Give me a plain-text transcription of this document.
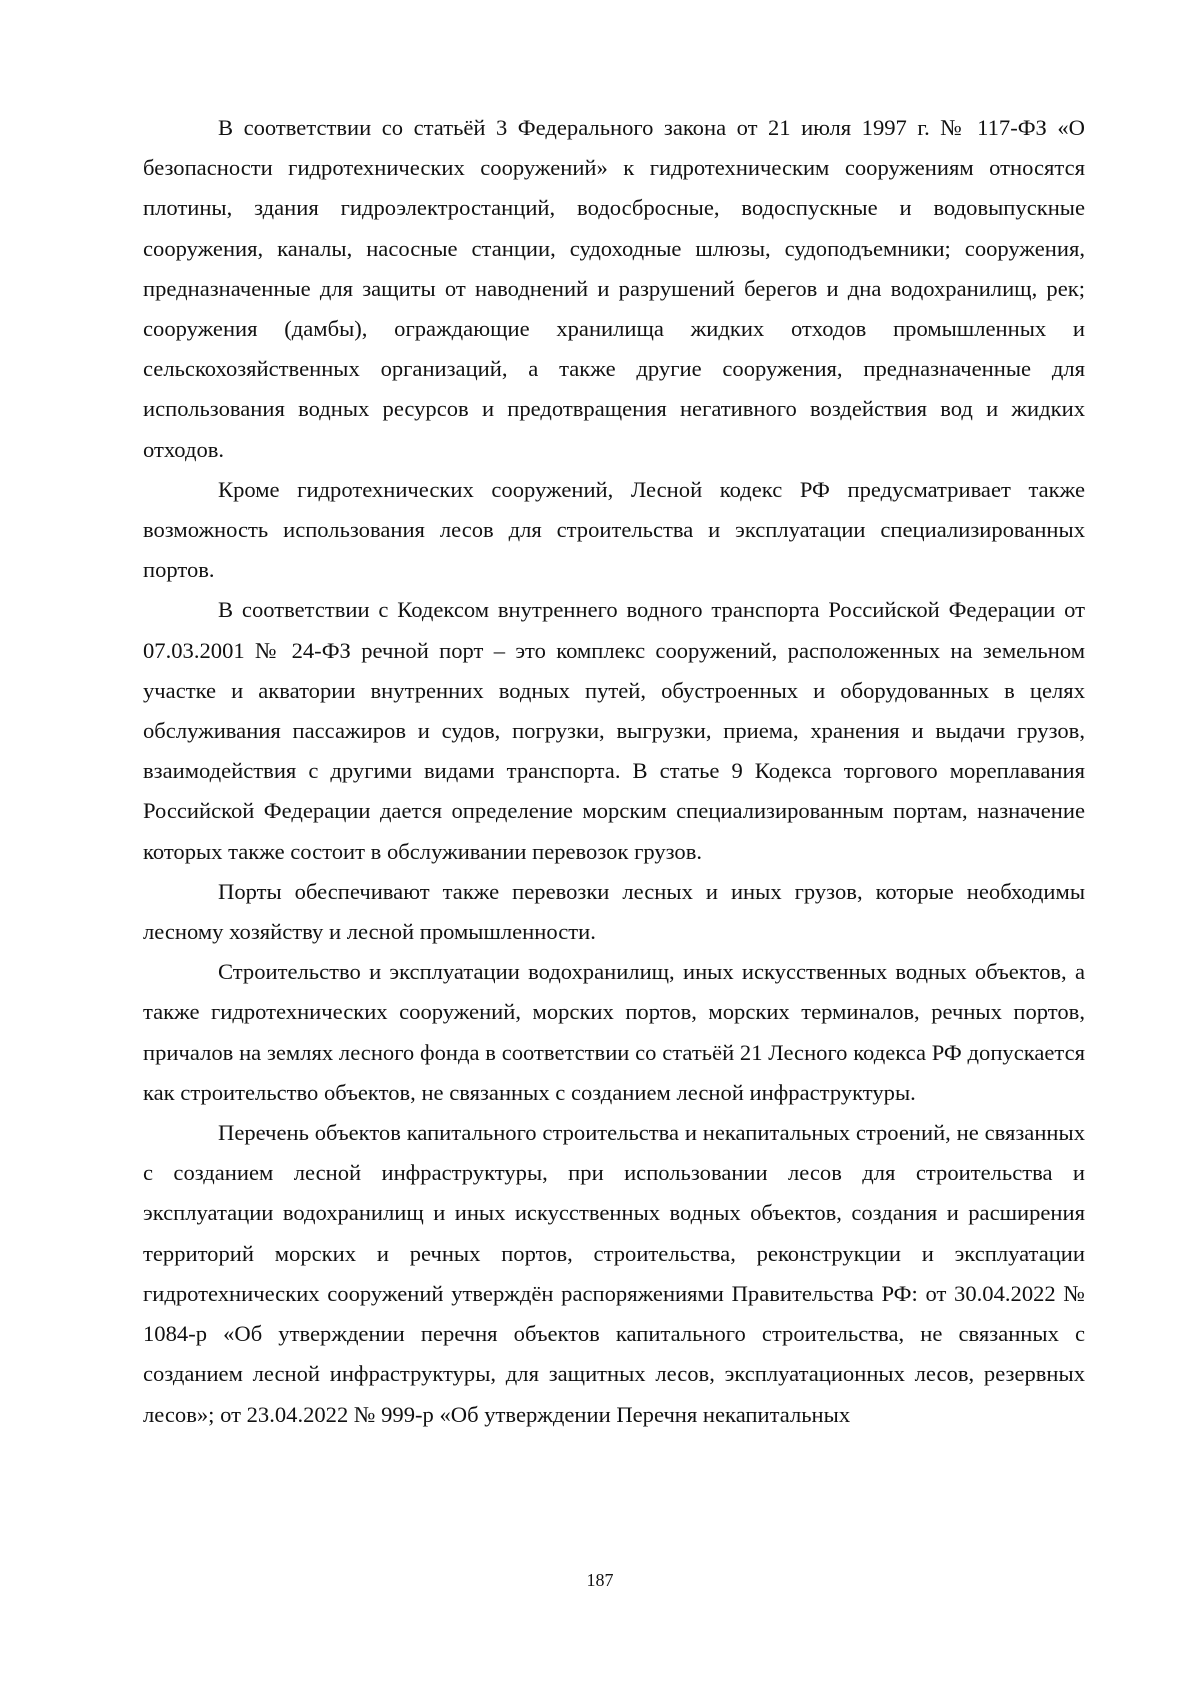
В соответствии со статьёй 3 Федерального закона от 21 июля 1997 г. № 117-ФЗ «О безопасности гидротехнических сооружений» к гидротехническим сооружениям относятся плотины, здания гидроэлектростанций, водосбросные, водоспускные и водовыпускные сооружения, каналы, насосные станции, судоходные шлюзы, судоподъемники; сооружения, предназначенные для защиты от наводнений и разрушений берегов и дна водохранилищ, рек; сооружения (дамбы), ограждающие хранилища жидких отходов промышленных и сельскохозяйственных организаций, а также другие сооружения, предназначенные для использования водных ресурсов и предотвращения негативного воздействия вод и жидких отходов.

Кроме гидротехнических сооружений, Лесной кодекс РФ предусматривает также возможность использования лесов для строительства и эксплуатации специализированных портов.

В соответствии с Кодексом внутреннего водного транспорта Российской Федерации от 07.03.2001 № 24-ФЗ речной порт – это комплекс сооружений, расположенных на земельном участке и акватории внутренних водных путей, обустроенных и оборудованных в целях обслуживания пассажиров и судов, погрузки, выгрузки, приема, хранения и выдачи грузов, взаимодействия с другими видами транспорта. В статье 9 Кодекса торгового мореплавания Российской Федерации дается определение морским специализированным портам, назначение которых также состоит в обслуживании перевозок грузов.

Порты обеспечивают также перевозки лесных и иных грузов, которые необходимы лесному хозяйству и лесной промышленности.

Строительство и эксплуатации водохранилищ, иных искусственных водных объектов, а также гидротехнических сооружений, морских портов, морских терминалов, речных портов, причалов на землях лесного фонда в соответствии со статьёй 21 Лесного кодекса РФ допускается как строительство объектов, не связанных с созданием лесной инфраструктуры.

Перечень объектов капитального строительства и некапитальных строений, не связанных с созданием лесной инфраструктуры, при использовании лесов для строительства и эксплуатации водохранилищ и иных искусственных водных объектов, создания и расширения территорий морских и речных портов, строительства, реконструкции и эксплуатации гидротехнических сооружений утверждён распоряжениями Правительства РФ: от 30.04.2022 № 1084-р «Об утверждении перечня объектов капитального строительства, не связанных с созданием лесной инфраструктуры, для защитных лесов, эксплуатационных лесов, резервных лесов»; от 23.04.2022 № 999-р «Об утверждении Перечня некапитальных

187
